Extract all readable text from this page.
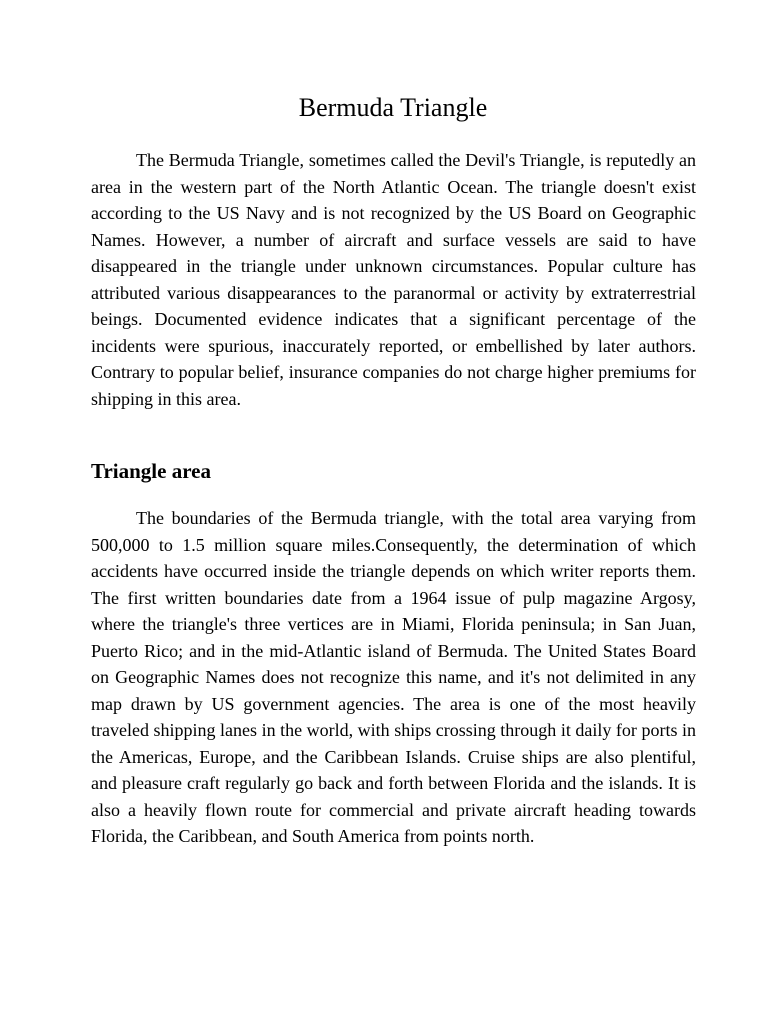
Bermuda Triangle

The Bermuda Triangle, sometimes called the Devil's Triangle, is reputedly an area in the western part of the North Atlantic Ocean. The triangle doesn't exist according to the US Navy and is not recognized by the US Board on Geographic Names. However, a number of aircraft and surface vessels are said to have disappeared in the triangle under unknown circumstances. Popular culture has attributed various disappearances to the paranormal or activity by extraterrestrial beings. Documented evidence indicates that a significant percentage of the incidents were spurious, inaccurately reported, or embellished by later authors. Contrary to popular belief, insurance companies do not charge higher premiums for shipping in this area.

Triangle area

The boundaries of the Bermuda triangle, with the total area varying from 500,000 to 1.5 million square miles.Consequently, the determination of which accidents have occurred inside the triangle depends on which writer reports them. The first written boundaries date from a 1964 issue of pulp magazine Argosy, where the triangle's three vertices are in Miami, Florida peninsula; in San Juan, Puerto Rico; and in the mid-Atlantic island of Bermuda. The United States Board on Geographic Names does not recognize this name, and it's not delimited in any map drawn by US government agencies. The area is one of the most heavily traveled shipping lanes in the world, with ships crossing through it daily for ports in the Americas, Europe, and the Caribbean Islands. Cruise ships are also plentiful, and pleasure craft regularly go back and forth between Florida and the islands. It is also a heavily flown route for commercial and private aircraft heading towards Florida, the Caribbean, and South America from points north.
